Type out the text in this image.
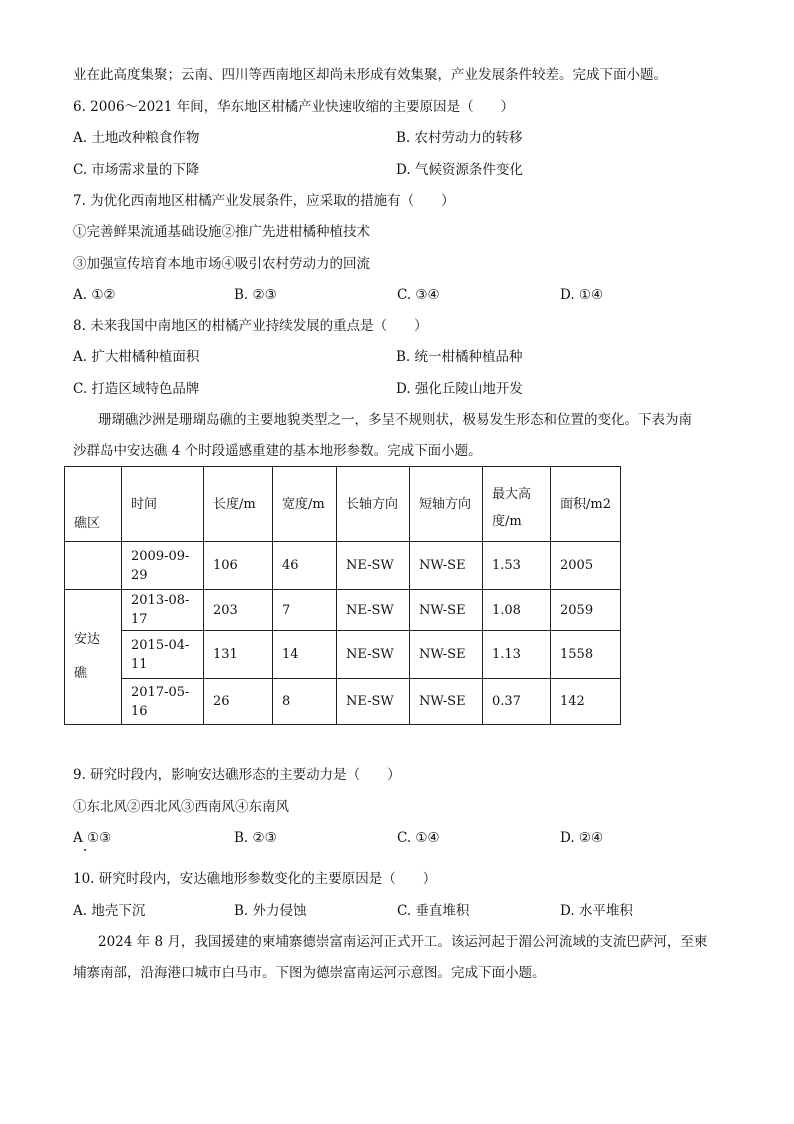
业在此高度集聚；云南、四川等西南地区却尚未形成有效集聚，产业发展条件较差。完成下面小题。
6. 2006～2021 年间，华东地区柑橘产业快速收缩的主要原因是（　　）
A. 土地改种粮食作物	B. 农村劳动力的转移
C. 市场需求量的下降	D. 气候资源条件变化
7. 为优化西南地区柑橘产业发展条件，应采取的措施有（　　）
①完善鲜果流通基础设施②推广先进柑橘种植技术
③加强宣传培育本地市场④吸引农村劳动力的回流
A. ①②	B. ②③	C. ③④	D. ①④
8. 未来我国中南地区的柑橘产业持续发展的重点是（　　）
A. 扩大柑橘种植面积	B. 统一柑橘种植品种
C. 打造区域特色品牌	D. 强化丘陵山地开发
珊瑚礁沙洲是珊瑚岛礁的主要地貌类型之一，多呈不规则状，极易发生形态和位置的变化。下表为南
沙群岛中安达礁 4 个时段遥感重建的基本地形参数。完成下面小题。
礁区	时间	长度/m	宽度/m	长轴方向	短轴方向	最大高
度/m	面积/m2
	2009-09-29	106	46	NE-SW	NW-SE	1.53	2005
安达
礁	2013-08-17	203	7	NE-SW	NW-SE	1.08	2059
	2015-04-11	131	14	NE-SW	NW-SE	1.13	1558
	2017-05-16	26	8	NE-SW	NW-SE	0.37	142
9. 研究时段内，影响安达礁形态的主要动力是（　　）
①东北风②西北风③西南风④东南风
A ①③	B. ②③	C. ①④	D. ②④
10. 研究时段内，安达礁地形参数变化的主要原因是（　　）
A. 地壳下沉	B. 外力侵蚀	C. 垂直堆积	D. 水平堆积
2024 年 8 月，我国援建的柬埔寨德崇富南运河正式开工。该运河起于湄公河流域的支流巴萨河，至柬
埔寨南部，沿海港口城市白马市。下图为德崇富南运河示意图。完成下面小题。
